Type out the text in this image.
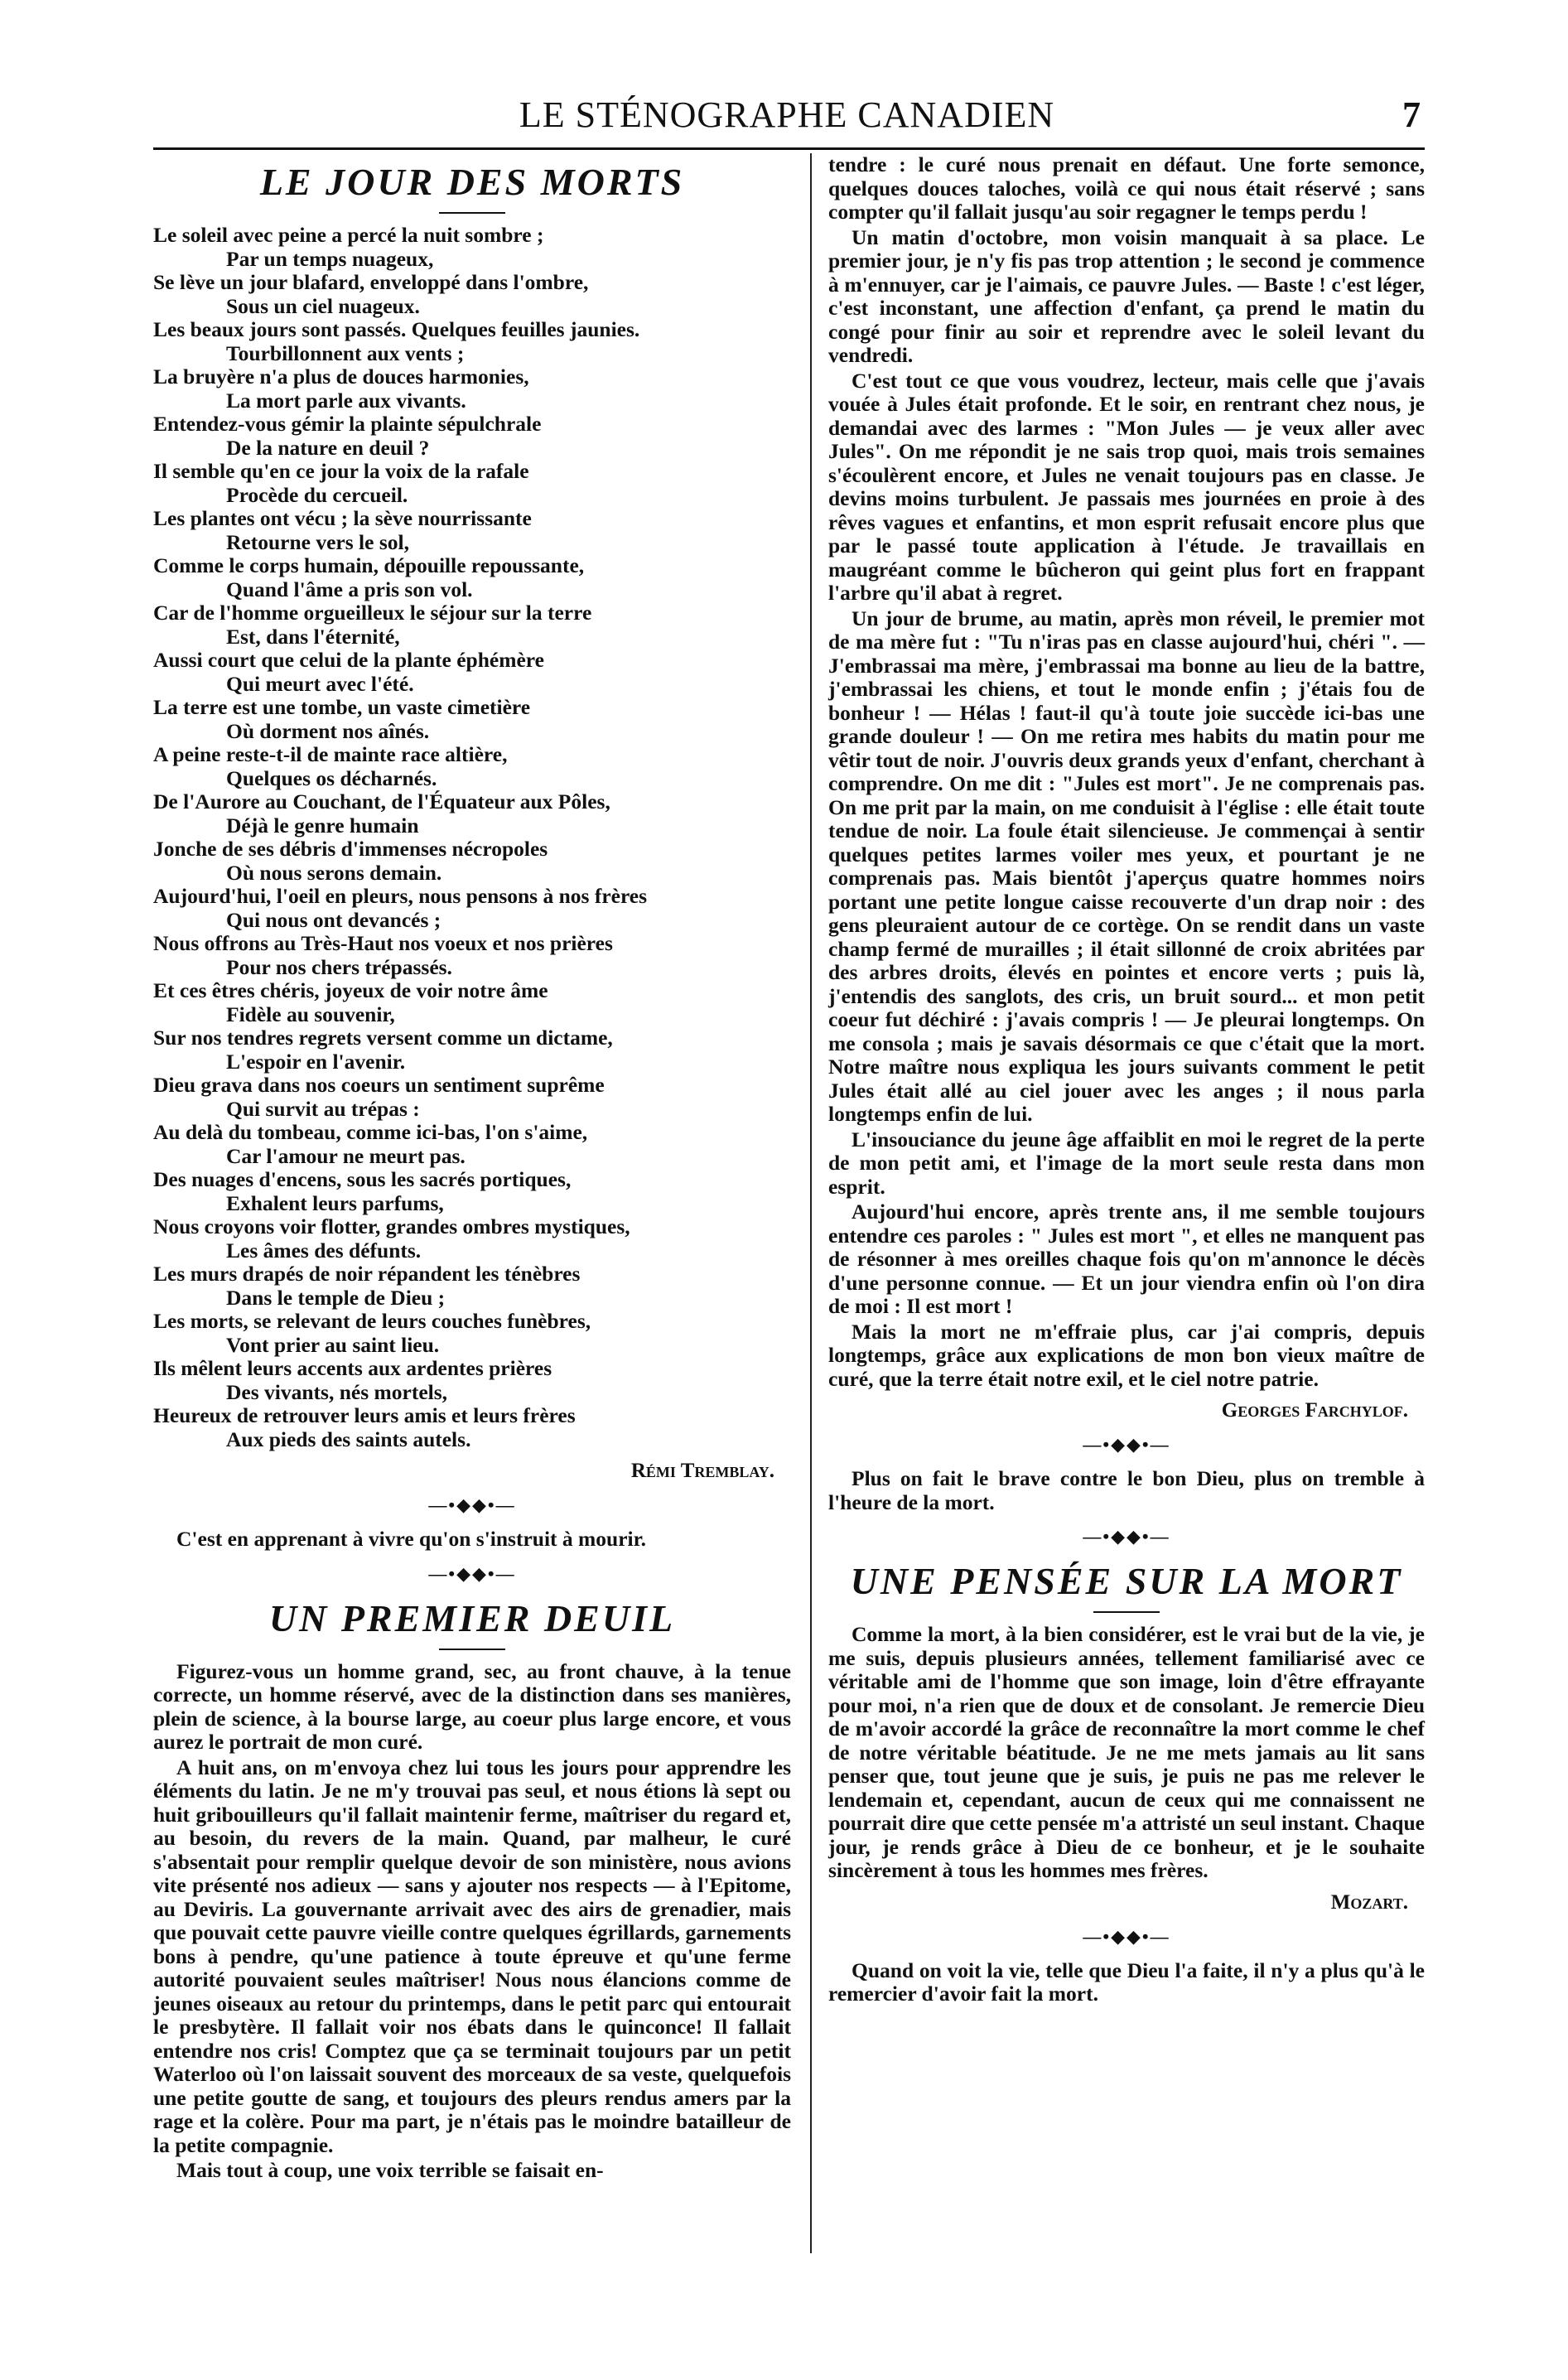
LE STÉNOGRAPHE CANADIEN	7
LE JOUR DES MORTS
Le soleil avec peine a percé la nuit sombre ;
Par un temps nuageux,
Se lève un jour blafard, enveloppé dans l'ombre,
Sous un ciel nuageux.
Les beaux jours sont passés. Quelques feuilles jaunies.
Tourbillonnent aux vents ;
La bruyère n'a plus de douces harmonies,
La mort parle aux vivants.
Entendez-vous gémir la plainte sépulchrale
De la nature en deuil ?
Il semble qu'en ce jour la voix de la rafale
Procède du cercueil.
Les plantes ont vécu ; la sève nourrissante
Retourne vers le sol,
Comme le corps humain, dépouille repoussante,
Quand l'âme a pris son vol.
Car de l'homme orgueilleux le séjour sur la terre
Est, dans l'éternité,
Aussi court que celui de la plante éphémère
Qui meurt avec l'été.
La terre est une tombe, un vaste cimetière
Où dorment nos aînés.
A peine reste-t-il de mainte race altière,
Quelques os décharnés.
De l'Aurore au Couchant, de l'Équateur aux Pôles,
Déjà le genre humain
Jonche de ses débris d'immenses nécropoles
Où nous serons demain.
Aujourd'hui, l'oeil en pleurs, nous pensons à nos frères
Qui nous ont devancés ;
Nous offrons au Très-Haut nos voeux et nos prières
Pour nos chers trépassés.
Et ces êtres chéris, joyeux de voir notre âme
Fidèle au souvenir,
Sur nos tendres regrets versent comme un dictame,
L'espoir en l'avenir.
Dieu grava dans nos coeurs un sentiment suprême
Qui survit au trépas :
Au delà du tombeau, comme ici-bas, l'on s'aime,
Car l'amour ne meurt pas.
Des nuages d'encens, sous les sacrés portiques,
Exhalent leurs parfums,
Nous croyons voir flotter, grandes ombres mystiques,
Les âmes des défunts.
Les murs drapés de noir répandent les ténèbres
Dans le temple de Dieu ;
Les morts, se relevant de leurs couches funèbres,
Vont prier au saint lieu.
Ils mêlent leurs accents aux ardentes prières
Des vivants, nés mortels,
Heureux de retrouver leurs amis et leurs frères
Aux pieds des saints autels.
Rémi Tremblay.
—•◆◆•—

C'est en apprenant à vivre qu'on s'instruit à mourir.

—•◆◆•—
UN PREMIER DEUIL

Figurez-vous un homme grand, sec, au front chauve, à la tenue correcte, un homme réservé, avec de la distinction dans ses manières, plein de science, à la bourse large, au coeur plus large encore, et vous aurez le portrait de mon curé.

A huit ans, on m'envoya chez lui tous les jours pour apprendre les éléments du latin. Je ne m'y trouvai pas seul, et nous étions là sept ou huit gribouilleurs qu'il fallait maintenir ferme, maîtriser du regard et, au besoin, du revers de la main. Quand, par malheur, le curé s'absentait pour remplir quelque devoir de son ministère, nous avions vite présenté nos adieux — sans y ajouter nos respects — à l'Epitome, au Deviris. La gouvernante arrivait avec des airs de grenadier, mais que pouvait cette pauvre vieille contre quelques égrillards, garnements bons à pendre, qu'une patience à toute épreuve et qu'une ferme autorité pouvaient seules maîtriser! Nous nous élancions comme de jeunes oiseaux au retour du printemps, dans le petit parc qui entourait le presbytère. Il fallait voir nos ébats dans le quinconce! Il fallait entendre nos cris! Comptez que ça se terminait toujours par un petit Waterloo où l'on laissait souvent des morceaux de sa veste, quelquefois une petite goutte de sang, et toujours des pleurs rendus amers par la rage et la colère. Pour ma part, je n'étais pas le moindre batailleur de la petite compagnie.

Mais tout à coup, une voix terrible se faisait en-

tendre : le curé nous prenait en défaut. Une forte semonce, quelques douces taloches, voilà ce qui nous était réservé ; sans compter qu'il fallait jusqu'au soir regagner le temps perdu !

Un matin d'octobre, mon voisin manquait à sa place. Le premier jour, je n'y fis pas trop attention ; le second je commence à m'ennuyer, car je l'aimais, ce pauvre Jules. — Baste ! c'est léger, c'est inconstant, une affection d'enfant, ça prend le matin du congé pour finir au soir et reprendre avec le soleil levant du vendredi.

C'est tout ce que vous voudrez, lecteur, mais celle que j'avais vouée à Jules était profonde. Et le soir, en rentrant chez nous, je demandai avec des larmes : "Mon Jules — je veux aller avec Jules". On me répondit je ne sais trop quoi, mais trois semaines s'écoulèrent encore, et Jules ne venait toujours pas en classe. Je devins moins turbulent. Je passais mes journées en proie à des rêves vagues et enfantins, et mon esprit refusait encore plus que par le passé toute application à l'étude. Je travaillais en maugréant comme le bûcheron qui geint plus fort en frappant l'arbre qu'il abat à regret.

Un jour de brume, au matin, après mon réveil, le premier mot de ma mère fut : "Tu n'iras pas en classe aujourd'hui, chéri ". — J'embrassai ma mère, j'embrassai ma bonne au lieu de la battre, j'embrassai les chiens, et tout le monde enfin ; j'étais fou de bonheur ! — Hélas ! faut-il qu'à toute joie succède ici-bas une grande douleur ! — On me retira mes habits du matin pour me vêtir tout de noir. J'ouvris deux grands yeux d'enfant, cherchant à comprendre. On me dit : "Jules est mort". Je ne comprenais pas. On me prit par la main, on me conduisit à l'église : elle était toute tendue de noir. La foule était silencieuse. Je commençai à sentir quelques petites larmes voiler mes yeux, et pourtant je ne comprenais pas. Mais bientôt j'aperçus quatre hommes noirs portant une petite longue caisse recouverte d'un drap noir : des gens pleuraient autour de ce cortège. On se rendit dans un vaste champ fermé de murailles ; il était sillonné de croix abritées par des arbres droits, élevés en pointes et encore verts ; puis là, j'entendis des sanglots, des cris, un bruit sourd... et mon petit coeur fut déchiré : j'avais compris ! — Je pleurai longtemps. On me consola ; mais je savais désormais ce que c'était que la mort. Notre maître nous expliqua les jours suivants comment le petit Jules était allé au ciel jouer avec les anges ; il nous parla longtemps enfin de lui.

L'insouciance du jeune âge affaiblit en moi le regret de la perte de mon petit ami, et l'image de la mort seule resta dans mon esprit.

Aujourd'hui encore, après trente ans, il me semble toujours entendre ces paroles : " Jules est mort ", et elles ne manquent pas de résonner à mes oreilles chaque fois qu'on m'annonce le décès d'une personne connue. — Et un jour viendra enfin où l'on dira de moi : Il est mort !

Mais la mort ne m'effraie plus, car j'ai compris, depuis longtemps, grâce aux explications de mon bon vieux maître de curé, que la terre était notre exil, et le ciel notre patrie.

Georges Farchylof.
—•◆◆•—

Plus on fait le brave contre le bon Dieu, plus on tremble à l'heure de la mort.

—•◆◆•—
UNE PENSÉE SUR LA MORT

Comme la mort, à la bien considérer, est le vrai but de la vie, je me suis, depuis plusieurs années, tellement familiarisé avec ce véritable ami de l'homme que son image, loin d'être effrayante pour moi, n'a rien que de doux et de consolant. Je remercie Dieu de m'avoir accordé la grâce de reconnaître la mort comme le chef de notre véritable béatitude. Je ne me mets jamais au lit sans penser que, tout jeune que je suis, je puis ne pas me relever le lendemain et, cependant, aucun de ceux qui me connaissent ne pourrait dire que cette pensée m'a attristé un seul instant. Chaque jour, je rends grâce à Dieu de ce bonheur, et je le souhaite sincèrement à tous les hommes mes frères.

Mozart.
—•◆◆•—

Quand on voit la vie, telle que Dieu l'a faite, il n'y a plus qu'à le remercier d'avoir fait la mort.
